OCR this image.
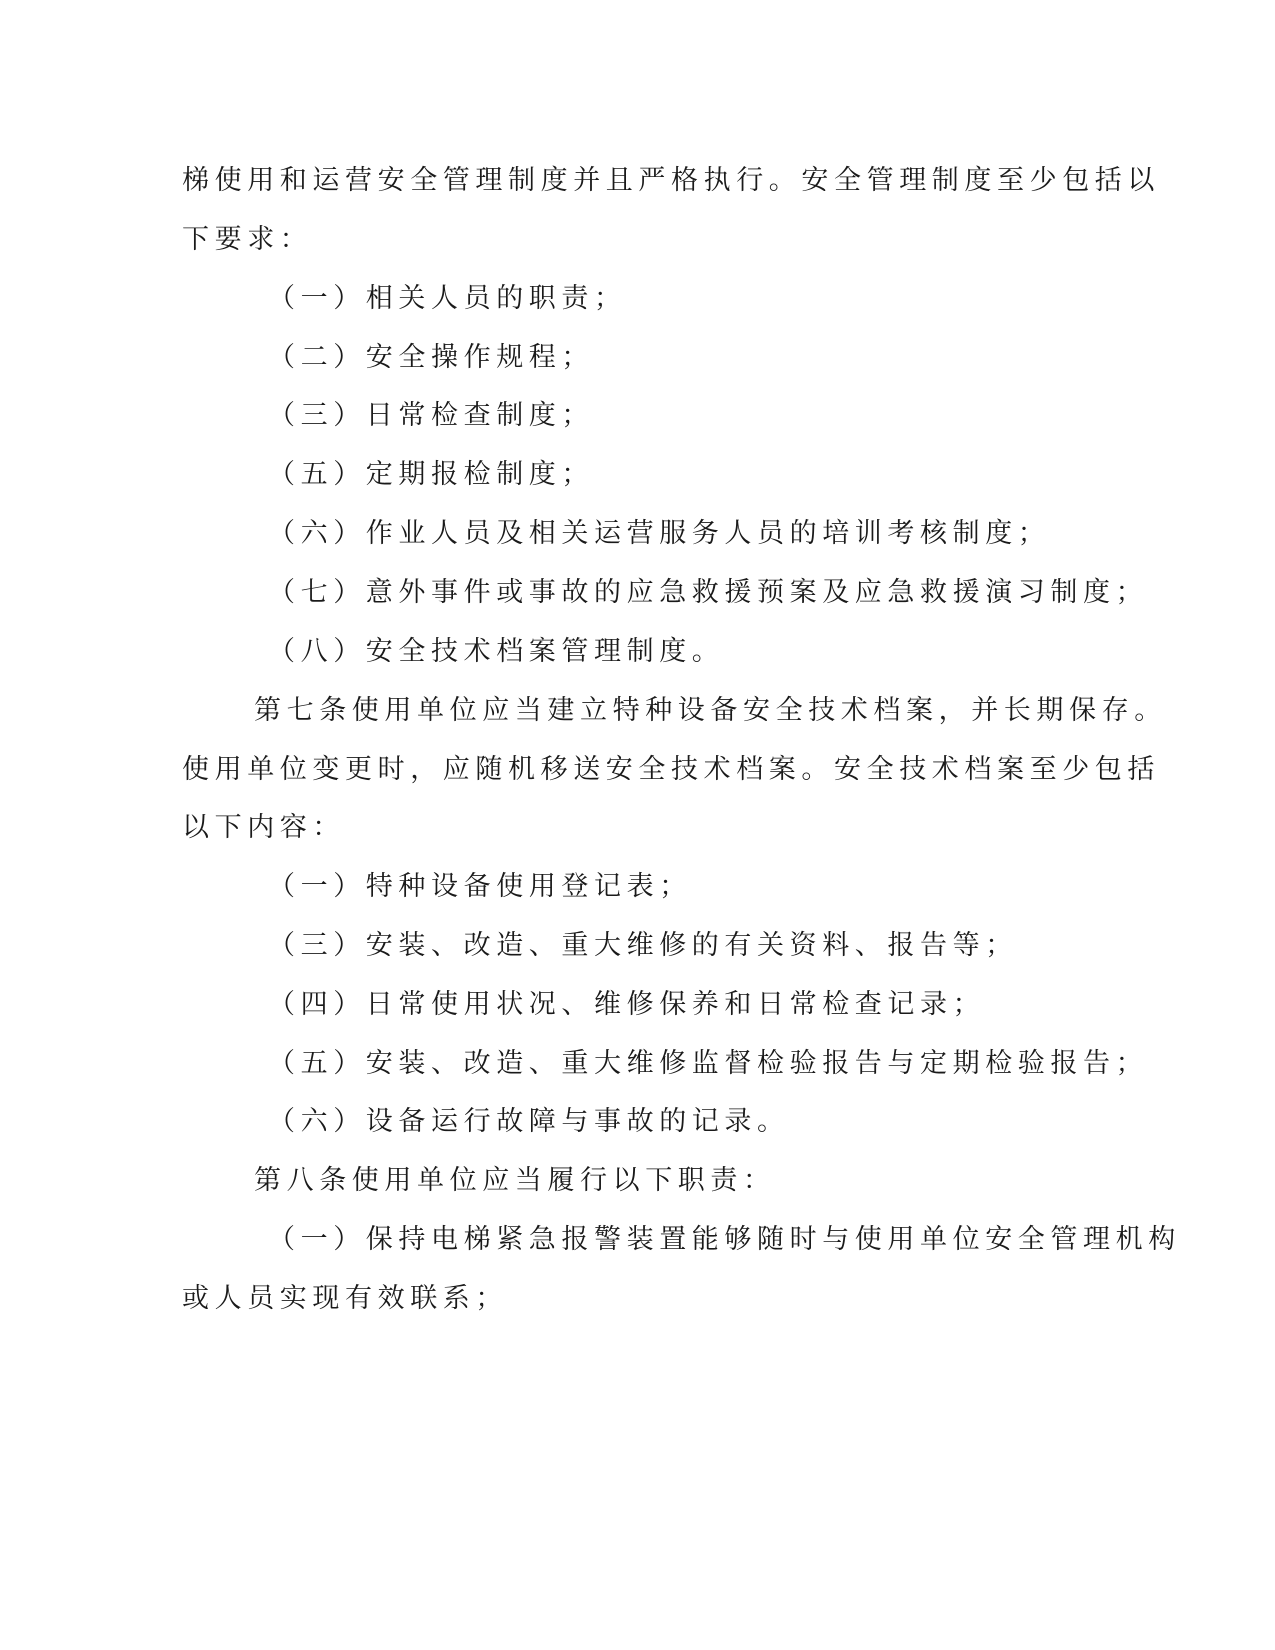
梯使用和运营安全管理制度并且严格执行。安全管理制度至少包括以
下要求：
（一）相关人员的职责；
（二）安全操作规程；
（三）日常检查制度；
（五）定期报检制度；
（六）作业人员及相关运营服务人员的培训考核制度；
（七）意外事件或事故的应急救援预案及应急救援演习制度；
（八）安全技术档案管理制度。
第七条使用单位应当建立特种设备安全技术档案，并长期保存。
使用单位变更时，应随机移送安全技术档案。安全技术档案至少包括
以下内容：
（一）特种设备使用登记表；
（三）安装、改造、重大维修的有关资料、报告等；
（四）日常使用状况、维修保养和日常检查记录；
（五）安装、改造、重大维修监督检验报告与定期检验报告；
（六）设备运行故障与事故的记录。
第八条使用单位应当履行以下职责：
（一）保持电梯紧急报警装置能够随时与使用单位安全管理机构
或人员实现有效联系；
